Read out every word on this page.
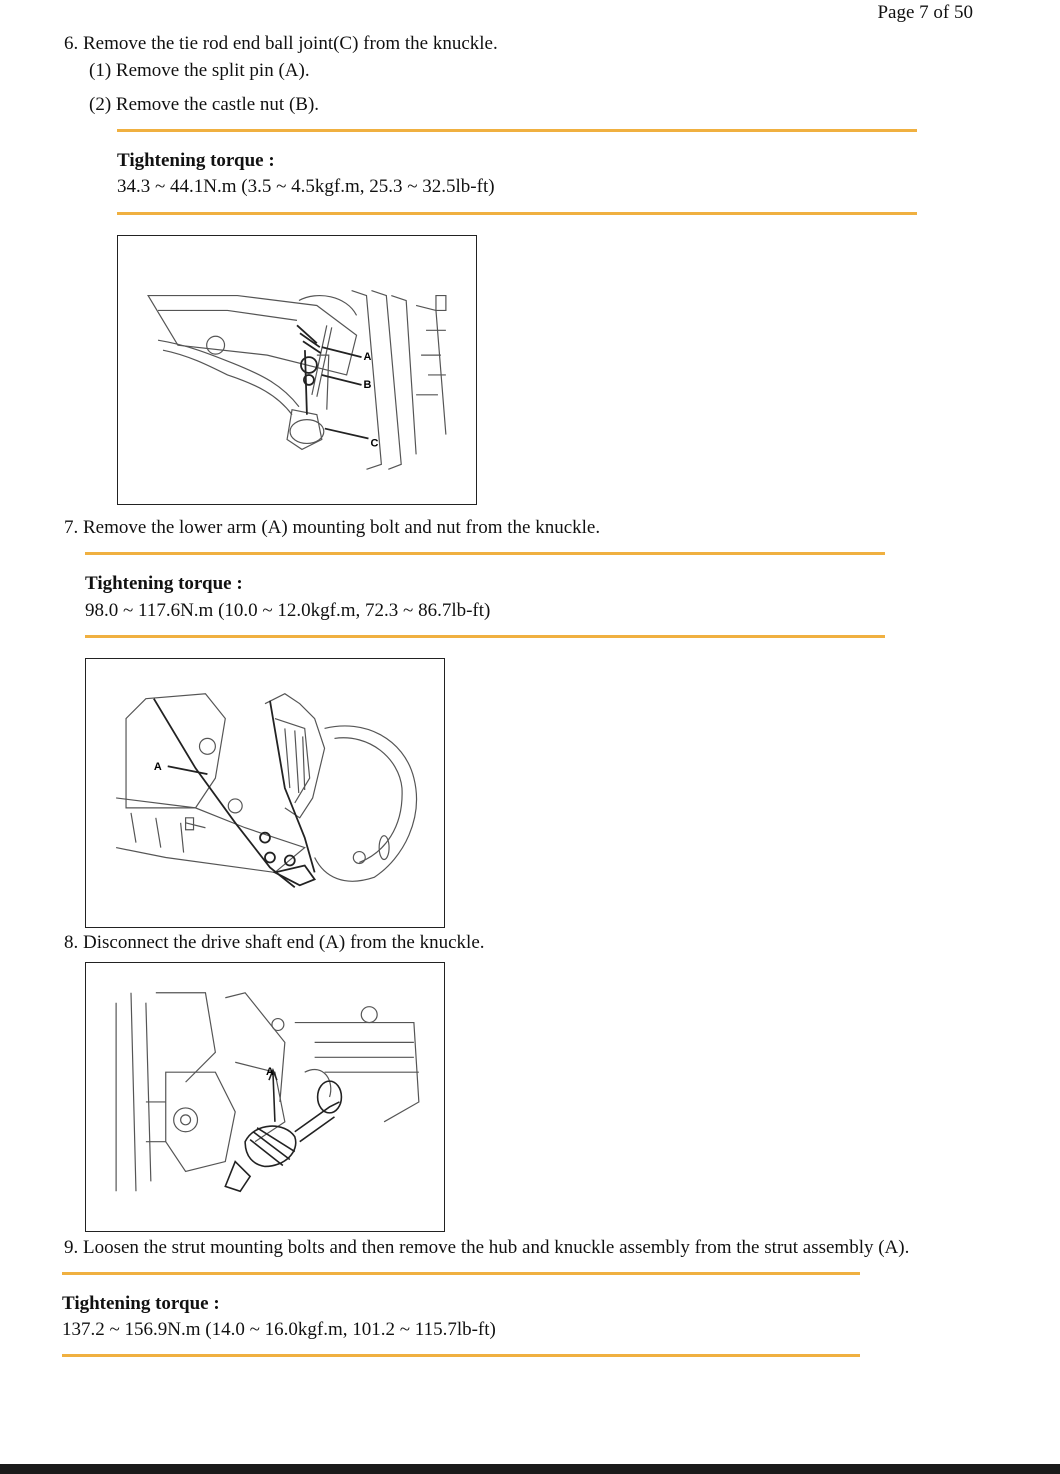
Page 7 of 50
6. Remove the tie rod end ball joint(C) from the knuckle.
(1) Remove the split pin (A).
(2) Remove the castle nut (B).
Tightening torque :
34.3 ~ 44.1N.m (3.5 ~ 4.5kgf.m, 25.3 ~ 32.5lb-ft)
A
B
C
7. Remove the lower arm (A) mounting bolt and nut from the knuckle.
Tightening torque :
98.0 ~ 117.6N.m (10.0 ~ 12.0kgf.m, 72.3 ~ 86.7lb-ft)
A
8. Disconnect the drive shaft end (A) from the knuckle.
A
9. Loosen the strut mounting bolts and then remove the hub and knuckle assembly from the strut assembly (A).
Tightening torque :
137.2 ~ 156.9N.m (14.0 ~ 16.0kgf.m, 101.2 ~ 115.7lb-ft)
